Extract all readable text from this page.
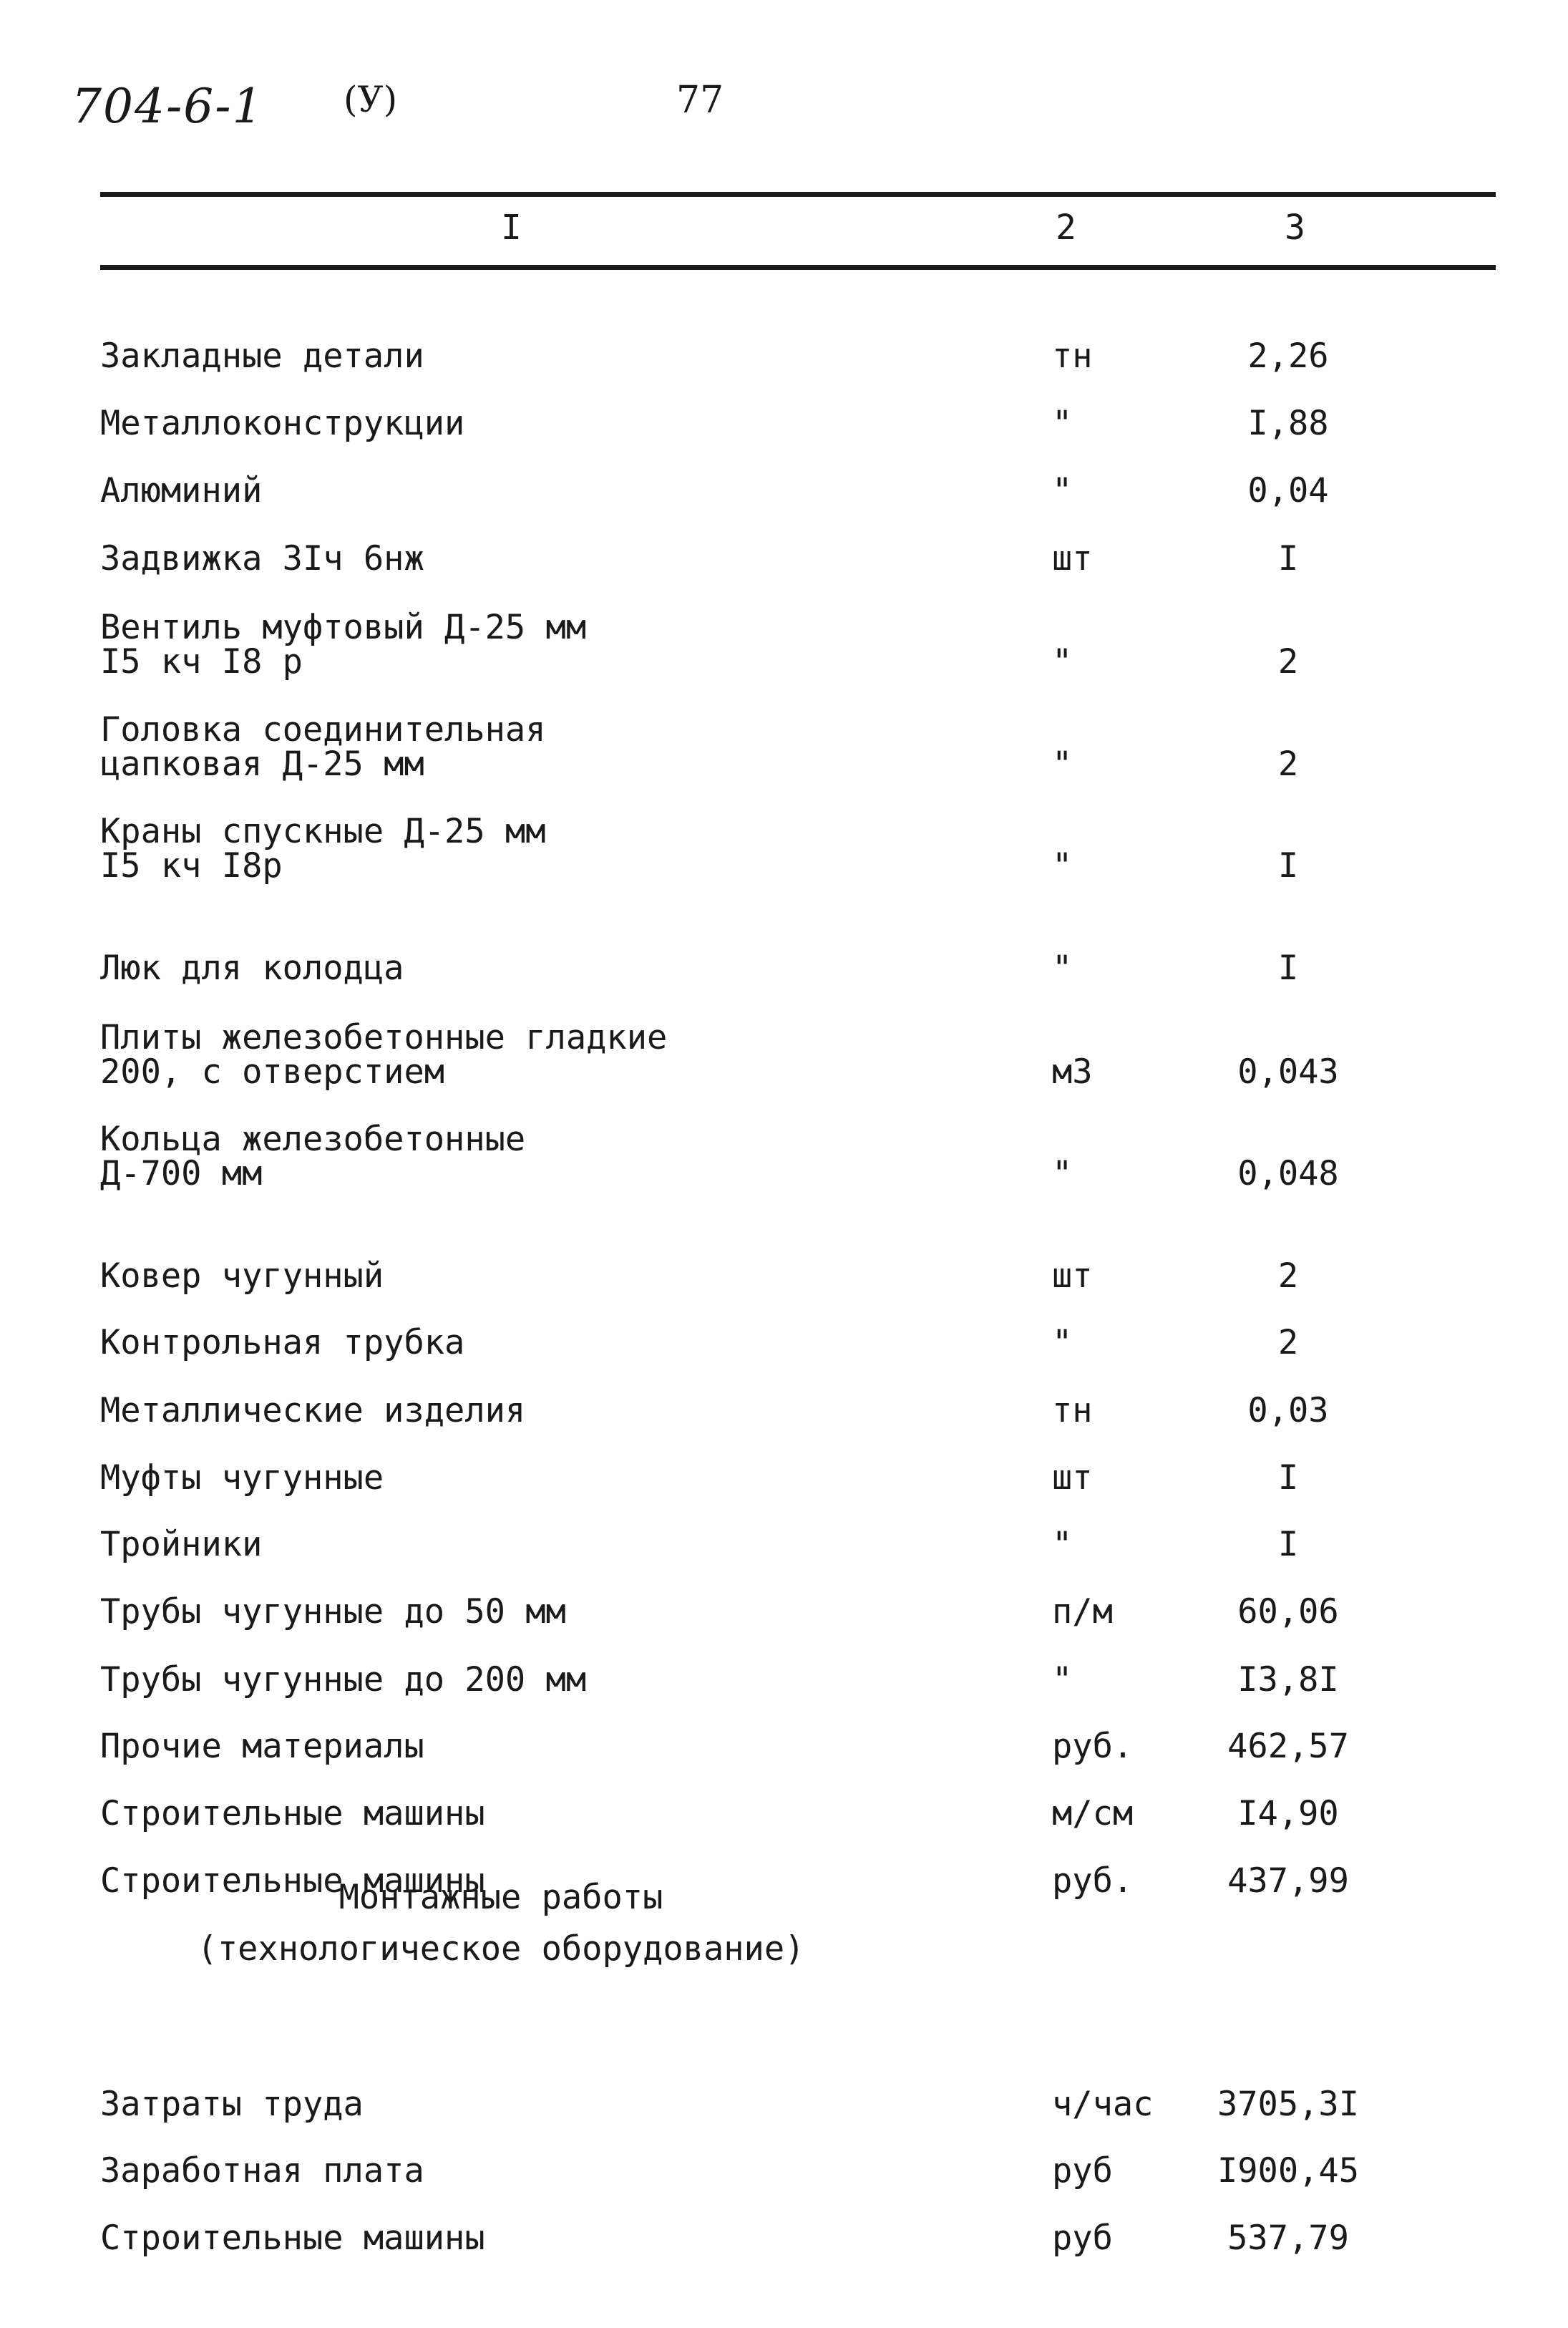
704-6-1 (У)	77
I	2	3
Закладные детали	тн	2,26
Металлоконструкции	"	I,88
Алюминий	"	0,04
Задвижка 3Iч 6нж	шт	I
Вентиль муфтовый Д-25 мм
I5 кч I8 р	"	2
Головка соединительная
цапковая Д-25 мм	"	2
Краны спускные Д-25 мм
I5 кч I8р	"	I
Люк для колодца	"	I
Плиты железобетонные гладкие
200, с отверстием	м3	0,043
Кольца железобетонные
Д-700 мм	"	0,048
Ковер чугунный	шт	2
Контрольная трубка	"	2
Металлические изделия	тн	0,03
Муфты чугунные	шт	I
Тройники	"	I
Трубы чугунные до 50 мм	п/м	60,06
Трубы чугунные до 200 мм	"	I3,8I
Прочие материалы	руб.	462,57
Строительные машины	м/см	I4,90
Строительные машины	руб.	437,99
Монтажные работы
(технологическое оборудование)
Затраты труда	ч/час	3705,3I
Заработная плата	руб	I900,45
Строительные машины	руб	537,79
